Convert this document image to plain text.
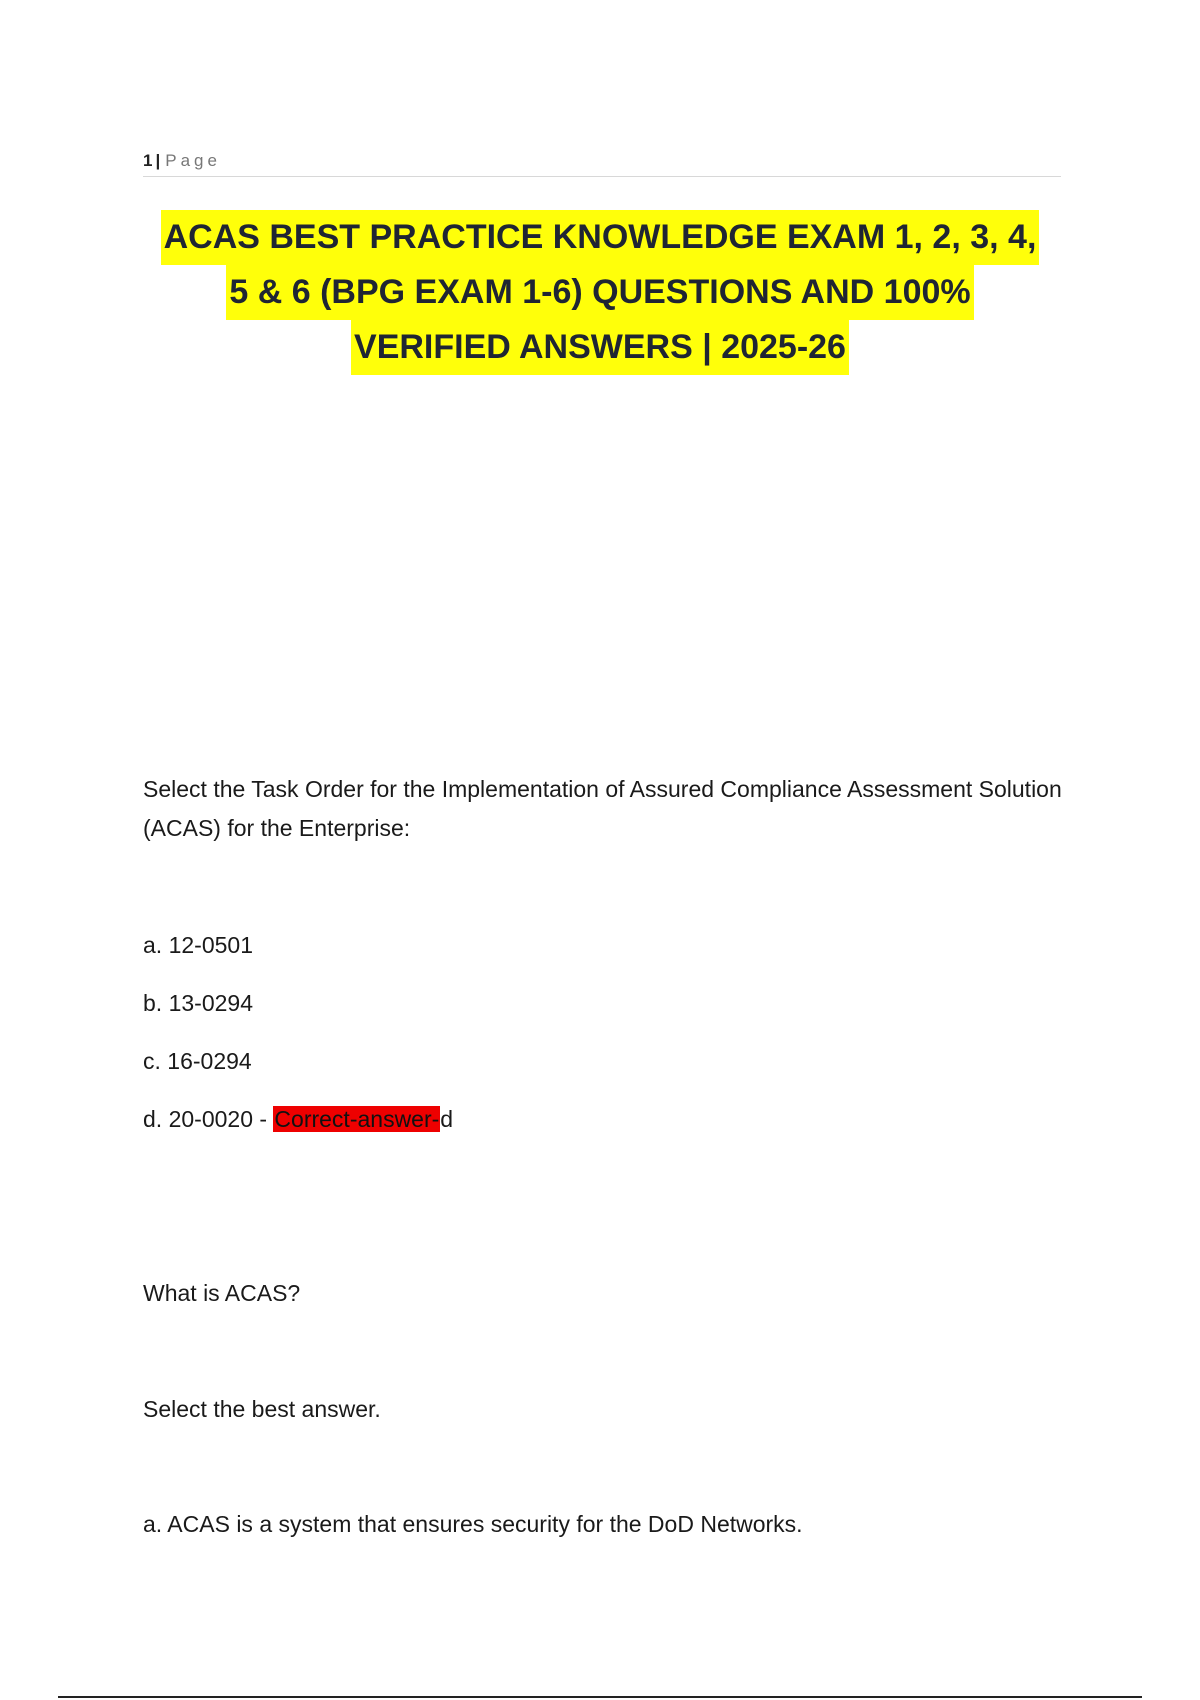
1 | Page
ACAS BEST PRACTICE KNOWLEDGE EXAM 1, 2, 3, 4,
5 & 6 (BPG EXAM 1-6) QUESTIONS AND 100%
VERIFIED ANSWERS | 2025-26
Select the Task Order for the Implementation of Assured Compliance Assessment Solution (ACAS) for the Enterprise:
a. 12-0501
b. 13-0294
c. 16-0294
d. 20-0020 - Correct-answer-d
What is ACAS?
Select the best answer.
a. ACAS is a system that ensures security for the DoD Networks.
